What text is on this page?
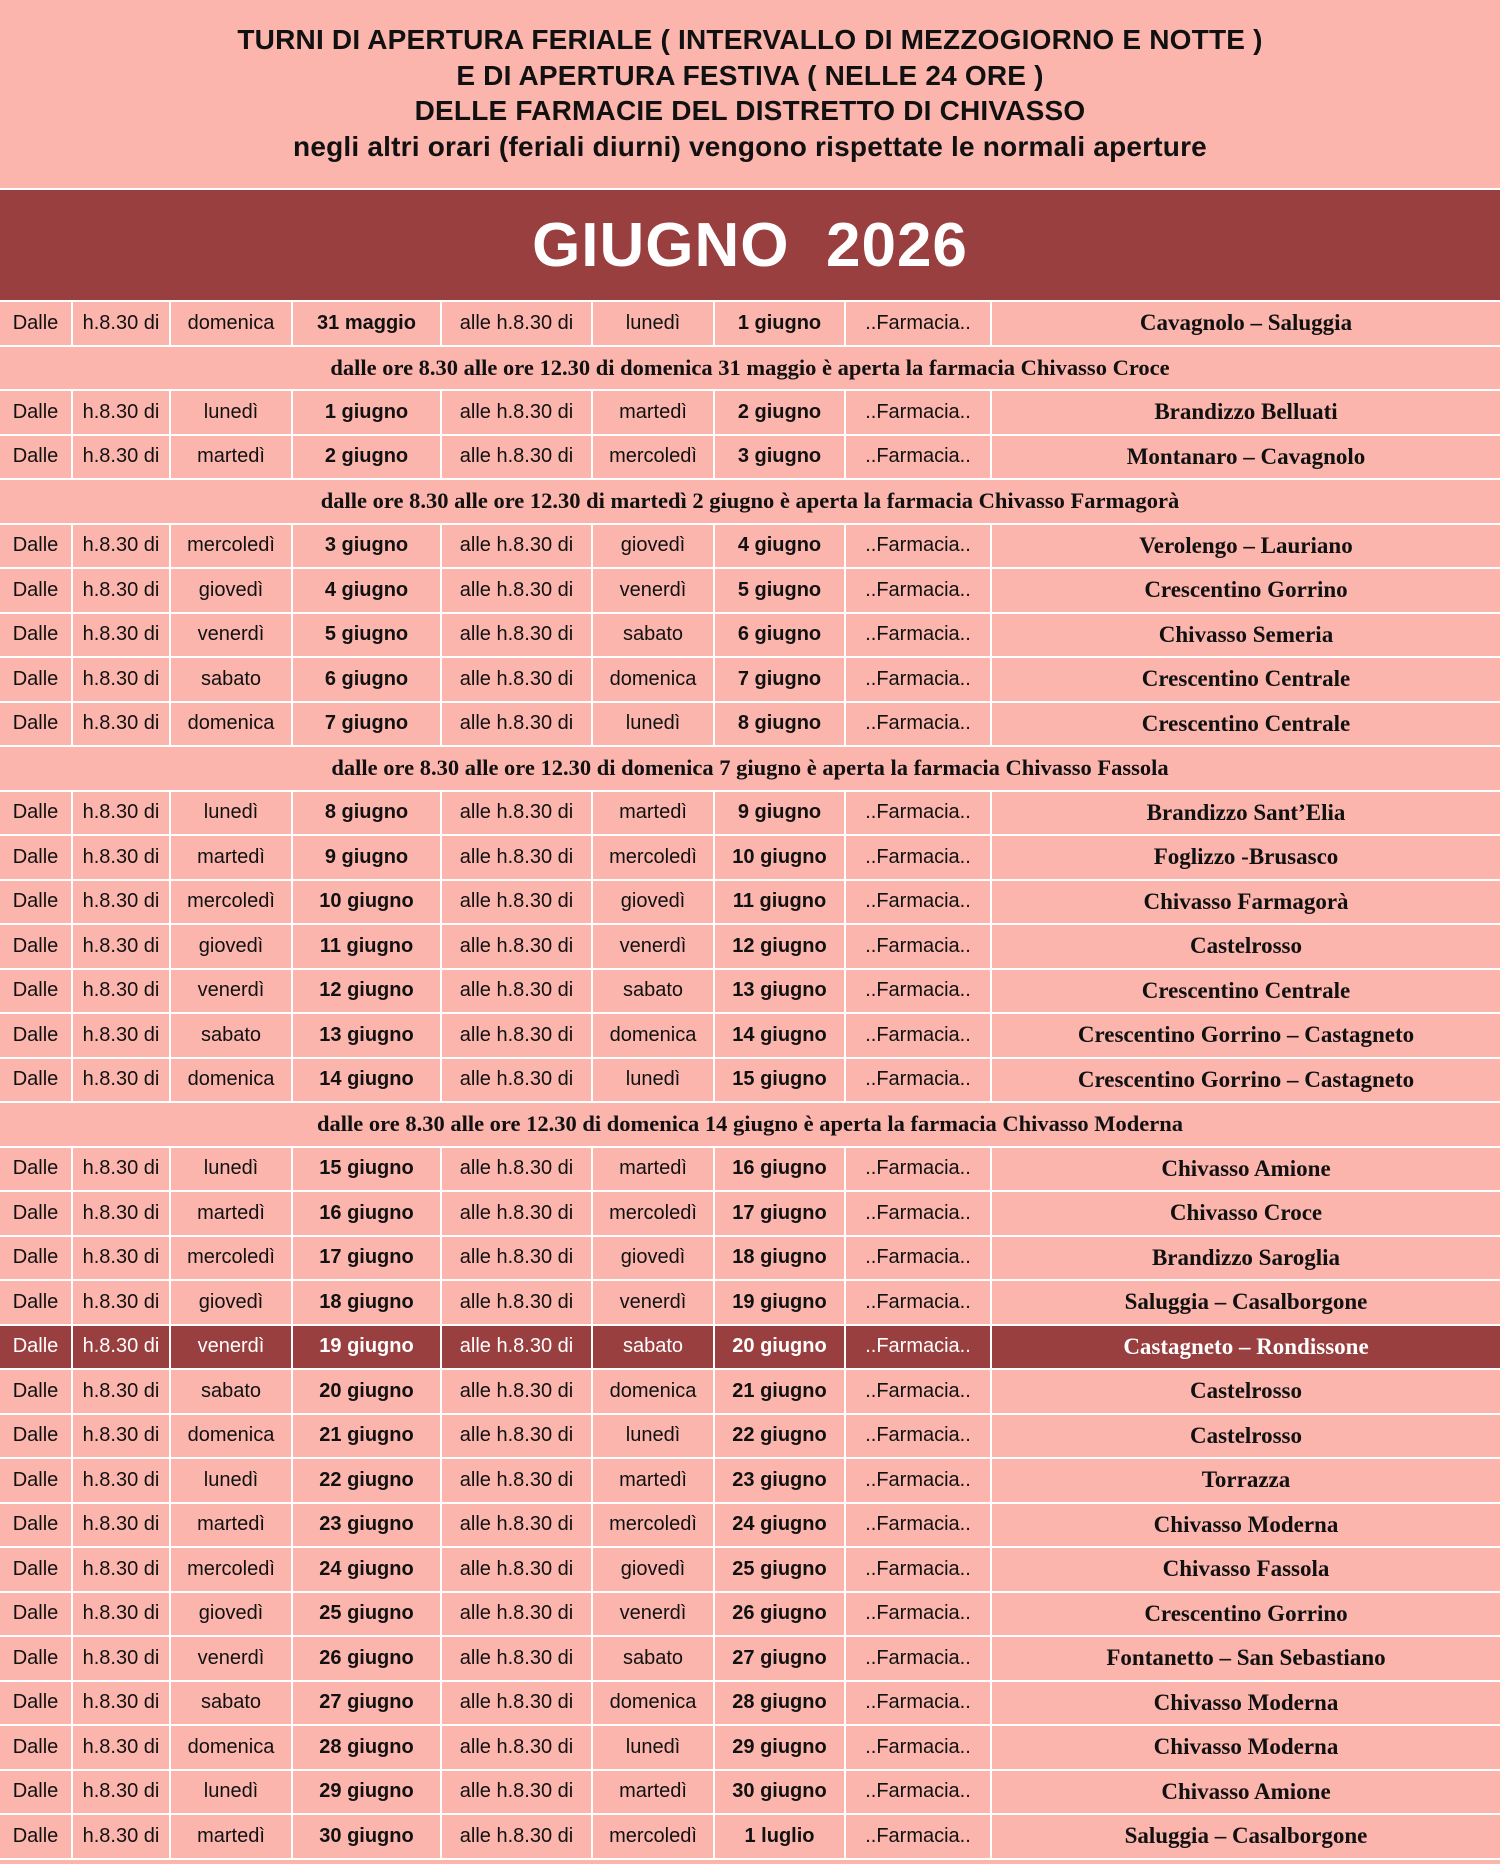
TURNI DI APERTURA FERIALE ( INTERVALLO DI MEZZOGIORNO E NOTTE )
E DI APERTURA FESTIVA ( NELLE 24 ORE )
DELLE FARMACIE DEL DISTRETTO DI CHIVASSO
negli altri orari (feriali diurni) vengono rispettate le normali aperture
GIUGNO  2026
Dalle	h.8.30 di	domenica	31 maggio	alle h.8.30 di	lunedì	1 giugno	..Farmacia..	Cavagnolo – Saluggia
dalle ore 8.30 alle ore 12.30 di domenica 31 maggio è aperta la farmacia Chivasso Croce
Dalle	h.8.30 di	lunedì	1 giugno	alle h.8.30 di	martedì	2 giugno	..Farmacia..	Brandizzo Belluati
Dalle	h.8.30 di	martedì	2 giugno	alle h.8.30 di	mercoledì	3 giugno	..Farmacia..	Montanaro – Cavagnolo
dalle ore 8.30 alle ore 12.30 di martedì 2 giugno è aperta la farmacia Chivasso Farmagorà
Dalle	h.8.30 di	mercoledì	3 giugno	alle h.8.30 di	giovedì	4 giugno	..Farmacia..	Verolengo – Lauriano
Dalle	h.8.30 di	giovedì	4 giugno	alle h.8.30 di	venerdì	5 giugno	..Farmacia..	Crescentino Gorrino
Dalle	h.8.30 di	venerdì	5 giugno	alle h.8.30 di	sabato	6 giugno	..Farmacia..	Chivasso Semeria
Dalle	h.8.30 di	sabato	6 giugno	alle h.8.30 di	domenica	7 giugno	..Farmacia..	Crescentino Centrale
Dalle	h.8.30 di	domenica	7 giugno	alle h.8.30 di	lunedì	8 giugno	..Farmacia..	Crescentino Centrale
dalle ore 8.30 alle ore 12.30 di domenica 7 giugno è aperta la farmacia Chivasso Fassola
Dalle	h.8.30 di	lunedì	8 giugno	alle h.8.30 di	martedì	9 giugno	..Farmacia..	Brandizzo Sant’Elia
Dalle	h.8.30 di	martedì	9 giugno	alle h.8.30 di	mercoledì	10 giugno	..Farmacia..	Foglizzo -Brusasco
Dalle	h.8.30 di	mercoledì	10 giugno	alle h.8.30 di	giovedì	11 giugno	..Farmacia..	Chivasso Farmagorà
Dalle	h.8.30 di	giovedì	11 giugno	alle h.8.30 di	venerdì	12 giugno	..Farmacia..	Castelrosso
Dalle	h.8.30 di	venerdì	12 giugno	alle h.8.30 di	sabato	13 giugno	..Farmacia..	Crescentino Centrale
Dalle	h.8.30 di	sabato	13 giugno	alle h.8.30 di	domenica	14 giugno	..Farmacia..	Crescentino Gorrino – Castagneto
Dalle	h.8.30 di	domenica	14 giugno	alle h.8.30 di	lunedì	15 giugno	..Farmacia..	Crescentino Gorrino – Castagneto
dalle ore 8.30 alle ore 12.30 di domenica 14 giugno è aperta la farmacia Chivasso Moderna
Dalle	h.8.30 di	lunedì	15 giugno	alle h.8.30 di	martedì	16 giugno	..Farmacia..	Chivasso Amione
Dalle	h.8.30 di	martedì	16 giugno	alle h.8.30 di	mercoledì	17 giugno	..Farmacia..	Chivasso Croce
Dalle	h.8.30 di	mercoledì	17 giugno	alle h.8.30 di	giovedì	18 giugno	..Farmacia..	Brandizzo Saroglia
Dalle	h.8.30 di	giovedì	18 giugno	alle h.8.30 di	venerdì	19 giugno	..Farmacia..	Saluggia – Casalborgone
Dalle	h.8.30 di	venerdì	19 giugno	alle h.8.30 di	sabato	20 giugno	..Farmacia..	Castagneto – Rondissone
Dalle	h.8.30 di	sabato	20 giugno	alle h.8.30 di	domenica	21 giugno	..Farmacia..	Castelrosso
Dalle	h.8.30 di	domenica	21 giugno	alle h.8.30 di	lunedì	22 giugno	..Farmacia..	Castelrosso
Dalle	h.8.30 di	lunedì	22 giugno	alle h.8.30 di	martedì	23 giugno	..Farmacia..	Torrazza
Dalle	h.8.30 di	martedì	23 giugno	alle h.8.30 di	mercoledì	24 giugno	..Farmacia..	Chivasso Moderna
Dalle	h.8.30 di	mercoledì	24 giugno	alle h.8.30 di	giovedì	25 giugno	..Farmacia..	Chivasso Fassola
Dalle	h.8.30 di	giovedì	25 giugno	alle h.8.30 di	venerdì	26 giugno	..Farmacia..	Crescentino Gorrino
Dalle	h.8.30 di	venerdì	26 giugno	alle h.8.30 di	sabato	27 giugno	..Farmacia..	Fontanetto – San Sebastiano
Dalle	h.8.30 di	sabato	27 giugno	alle h.8.30 di	domenica	28 giugno	..Farmacia..	Chivasso Moderna
Dalle	h.8.30 di	domenica	28 giugno	alle h.8.30 di	lunedì	29 giugno	..Farmacia..	Chivasso Moderna
Dalle	h.8.30 di	lunedì	29 giugno	alle h.8.30 di	martedì	30 giugno	..Farmacia..	Chivasso Amione
Dalle	h.8.30 di	martedì	30 giugno	alle h.8.30 di	mercoledì	1 luglio	..Farmacia..	Saluggia – Casalborgone
